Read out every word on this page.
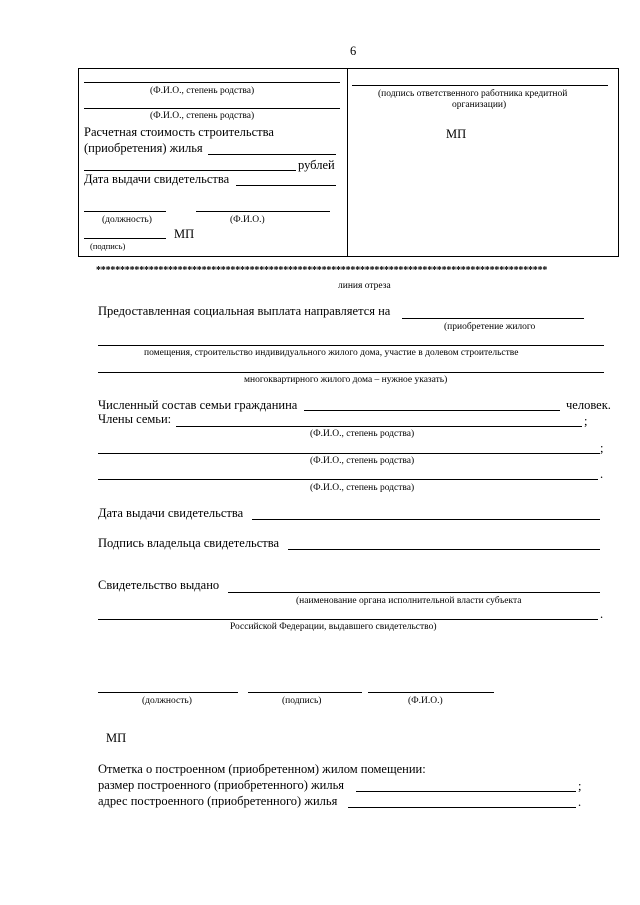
6
(Ф.И.О., степень родства)
(Ф.И.О., степень родства)
Расчетная стоимость строительства
(приобретения) жилья
рублей
Дата выдачи свидетельства
(должность)	(Ф.И.О.)
МП
(подпись)
(подпись ответственного работника кредитной
организации)
МП
**********************************************************************************************
линия отреза
Предоставленная социальная выплата направляется на
(приобретение жилого
помещения, строительство индивидуального жилого дома, участие в долевом строительстве
многоквартирного жилого дома – нужное указать)
Численный состав семьи гражданина	человек.
Члены семьи:	;
(Ф.И.О., степень родства)
;
(Ф.И.О., степень родства)
.
(Ф.И.О., степень родства)
Дата выдачи свидетельства
Подпись владельца свидетельства
Свидетельство выдано
(наименование органа исполнительной власти субъекта
.
Российской Федерации, выдавшего свидетельство)
(должность)	(подпись)	(Ф.И.О.)
МП
Отметка о построенном (приобретенном) жилом помещении:
размер построенного (приобретенного) жилья	;
адрес построенного (приобретенного) жилья	.
